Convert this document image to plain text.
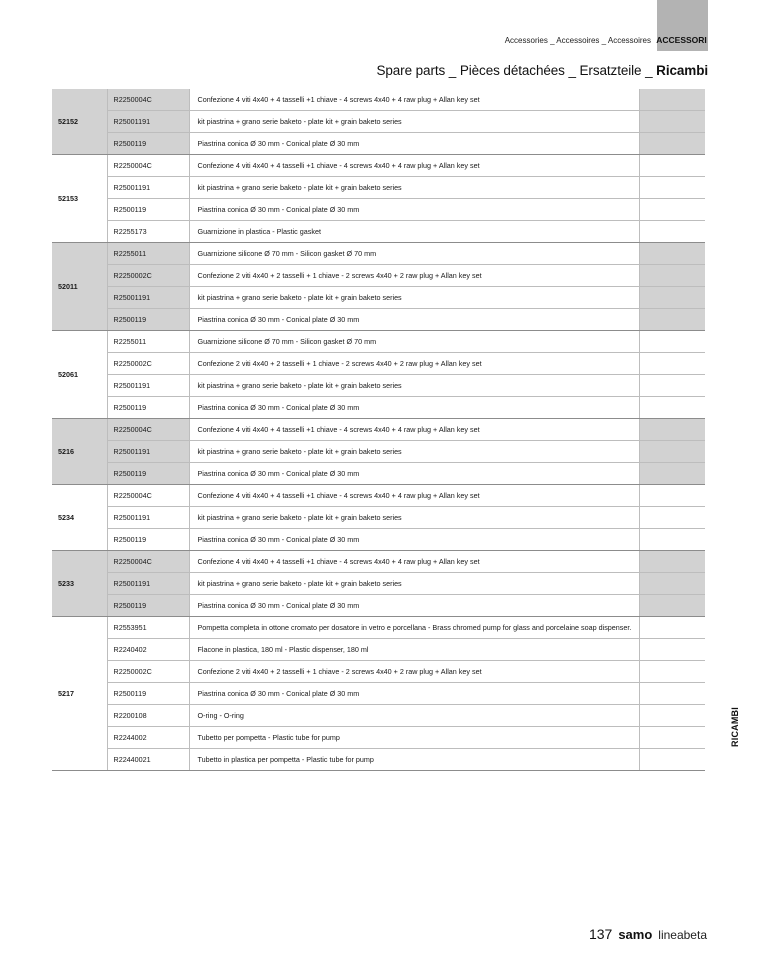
Accessories _ Accessoires _ Accessoires ACCESSORI
Spare parts _ Pièces détachées _ Ersatzteile _ Ricambi
52152	R2250004C	Confezione 4 viti 4x40 + 4 tasselli +1 chiave - 4 screws 4x40 + 4 raw plug + Allan key set	
	R25001191	kit piastrina + grano serie baketo - plate kit + grain baketo series	
	R2500119	Piastrina conica Ø 30 mm - Conical plate Ø 30 mm	
52153	R2250004C	Confezione 4 viti 4x40 + 4 tasselli +1 chiave - 4 screws 4x40 + 4 raw plug + Allan key set	
	R25001191	kit piastrina + grano serie baketo - plate kit + grain baketo series	
	R2500119	Piastrina conica Ø 30 mm - Conical plate Ø 30 mm	
	R2255173	Guarnizione in plastica - Plastic gasket	
52011	R2255011	Guarnizione silicone Ø 70 mm - Silicon gasket Ø 70 mm	
	R2250002C	Confezione 2 viti 4x40 + 2 tasselli + 1 chiave - 2 screws 4x40 + 2 raw plug + Allan key set	
	R25001191	kit piastrina + grano serie baketo - plate kit + grain baketo series	
	R2500119	Piastrina conica Ø 30 mm - Conical plate Ø 30 mm	
52061	R2255011	Guarnizione silicone Ø 70 mm - Silicon gasket Ø 70 mm	
	R2250002C	Confezione 2 viti 4x40 + 2 tasselli + 1 chiave - 2 screws 4x40 + 2 raw plug + Allan key set	
	R25001191	kit piastrina + grano serie baketo - plate kit + grain baketo series	
	R2500119	Piastrina conica Ø 30 mm - Conical plate Ø 30 mm	
5216	R2250004C	Confezione 4 viti 4x40 + 4 tasselli +1 chiave - 4 screws 4x40 + 4 raw plug + Allan key set	
	R25001191	kit piastrina + grano serie baketo - plate kit + grain baketo series	
	R2500119	Piastrina conica Ø 30 mm - Conical plate Ø 30 mm	
5234	R2250004C	Confezione 4 viti 4x40 + 4 tasselli +1 chiave - 4 screws 4x40 + 4 raw plug + Allan key set	
	R25001191	kit piastrina + grano serie baketo - plate kit + grain baketo series	
	R2500119	Piastrina conica Ø 30 mm - Conical plate Ø 30 mm	
5233	R2250004C	Confezione 4 viti 4x40 + 4 tasselli +1 chiave - 4 screws 4x40 + 4 raw plug + Allan key set	
	R25001191	kit piastrina + grano serie baketo - plate kit + grain baketo series	
	R2500119	Piastrina conica Ø 30 mm - Conical plate Ø 30 mm	
5217	R2553951	Pompetta completa in ottone cromato per dosatore in vetro e porcellana - Brass chromed pump for glass and porcelaine soap dispenser.	
	R2240402	Flacone in plastica, 180 ml - Plastic dispenser, 180 ml	
	R2250002C	Confezione 2 viti 4x40 + 2 tasselli + 1 chiave - 2 screws 4x40 + 2 raw plug + Allan key set	
	R2500119	Piastrina conica Ø 30 mm - Conical plate Ø 30 mm	
	R2200108	O-ring - O-ring	
	R2244002	Tubetto per pompetta - Plastic tube for pump	
	R22440021	Tubetto in plastica per pompetta - Plastic tube for pump	
RICAMBI
137 samo lineabeta
